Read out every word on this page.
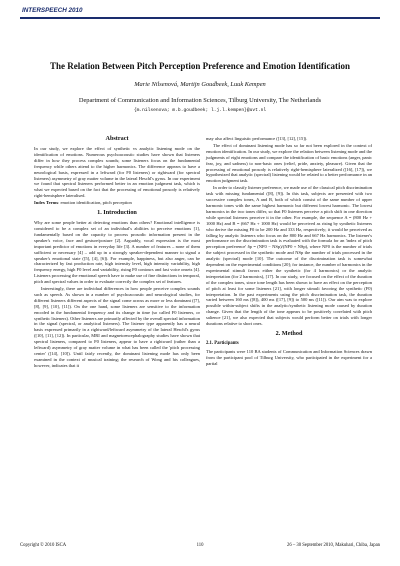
INTERSPEECH 2010
The Relation Between Pitch Perception Preference and Emotion Identification
Marie Nilsenová, Martijn Goudbeek, Luuk Kempen
Department of Communication and Information Sciences, Tilburg University, The Netherlands
{m.nilsenova; m.b.goudbeek; l.j.l.kempen}@uvt.nl
Abstract

In our study, we explore the effect of synthetic vs analytic listening mode on the identification of emotions. Numerous psychoacoustic studies have shown that listeners differ in how they process complex sounds; some listeners focus on the fundamental frequency while others attend to the higher harmonics. The difference appears to have a neurological basis, expressed in a leftward (for F0 listeners) or rightward (for spectral listeners) asymmetry of gray matter volume in the lateral Heschl's gyrus. In our experiment we found that spectral listeners performed better in an emotion judgment task, which is what we expected based on the fact that the processing of emotional prosody is relatively right-hemisphere lateralised.

Index Terms: emotion identification, pitch perception

1. Introduction

Why are some people better at detecting emotions than others? Emotional intelligence is considered to be a complex set of an individual's abilities to perceive emotions [1], fundamentally based on the capacity to process prosodic information present in the speaker's voice, face and gesture/posture [2]. Arguably, vocal expression is the most important predictor of emotions in everyday life [3]. A number of features – none of them sufficient or necessary [4] – add up in a strongly speaker-dependent manner to signal a speaker's emotional state ([5], [4], [6]). For example, happiness, but also anger, can be characterized by fast production rate, high intensity level, high intensity variability, high frequency energy, high F0 level and variability, rising F0 contours and fast voice onsets [4]. Listeners processing the emotional speech have to make use of fine distinctions in temporal, pitch and spectral values in order to evaluate correctly the complex set of features.

Interestingly, there are individual differences in how people perceive complex sounds such as speech. As shown in a number of psychoacoustic and neurological studies, for different listeners different aspects of the signal come across as more or less dominant ([7], [8], [9], [10], [11]). On the one hand, some listeners are sensitive to the information encoded in the fundamental frequency and its change in time (so called F0 listeners, or synthetic listeners). Other listeners are primarily affected by the overall spectral information in the signal (spectral, or analytical listeners). The listener type apparently has a neural basis expressed primarily in a rightward/leftward asymmetry of the lateral Heschl's gyrus ([10], [11], [12]). In particular, MRI and magnetoencephalography studies have shown that spectral listeners, compared to F0 listeners, appear to have a rightward (rather than a leftward) asymmetry of gray matter volume in what has been called the 'pitch processing center' ([14], [10]). Until fairly recently, the dominant listening mode has only been examined in the context of musical training; the research of Wong and his colleagues, however, indicates that it

may also affect linguistic performance ([13], [12], [15]).

The effect of dominant listening mode has so far not been explored in the context of emotion identification. In our study, we explore the relation between listening mode and the judgments of eight emotions and compare the identification of basic emotions (anger, panic fear, joy, and sadness) to non-basic ones (relief, pride, anxiety, pleasure). Given that the processing of emotional prosody is relatively right-hemisphere lateralized ([16], [17]), we hypothesized that analytic (spectral) listening would be related to a better performance in an emotion judgment task.

In order to classify listener preference, we made use of the classical pitch discrimination task with missing fundamental ([8], [9]). In this task, subjects are presented with two successive complex tones, A and B, both of which consist of the same number of upper harmonic tones with the same highest harmonic but different lowest harmonic. The lowest harmonics in the two tones differ, so that F0 listeners perceive a pitch shift in one direction while spectral listeners perceive it in the other. For example, the sequence A = (800 Hz + 1000 Hz) and B = (667 Hz + 1000 Hz) would be perceived as rising by synthetic listeners who derive the missing F0 to be 200 Hz and 333 Hz, respectively; it would be perceived as falling by analytic listeners who focus on the 800 Hz and 667 Hz harmonics. The listener's performance on the discrimination task is evaluated with the formula for an 'index of pitch perception preference' δp = (NF0 − NSp)/(NF0 + NSp), where NF0 is the number of trials the subject processed in the synthetic mode and NSp the number of trials processed in the analytic (spectral) mode [10]. The outcome of the discrimination task is somewhat dependent on the experimental conditions [20]; for instance, the number of harmonics in the experimental stimuli favors either the synthetic (for 4 harmonics) or the analytic interpretation (for 2 harmonics), [17]. In our study, we focused on the effect of the duration of the complex tones, since tone length has been shown to have an effect on the perception of pitch at least for some listeners [21], with longer stimuli favoring the synthetic (F0) interpretation. In the past experiments using the pitch discrimination task, the duration varied between 160 ms ([8]), 400 ms ([17], [9]) to 500 ms ([11]). Our aim was to explore possible within-subject shifts in the analytic/synthetic listening mode caused by duration change. Given that the length of the tone appears to be positively correlated with pitch salience [21], we also expected that subjects would perform better on trials with longer durations relative to short ones.

2. Method
2.1. Participants

The participants were 110 BA students of Communication and Information Sciences drawn from the participant pool of Tilburg University, who participated in the experiment for a partial

Copyright © 2010 ISCA	110	26 – 30 September 2010, Makuhari, Chiba, Japan
